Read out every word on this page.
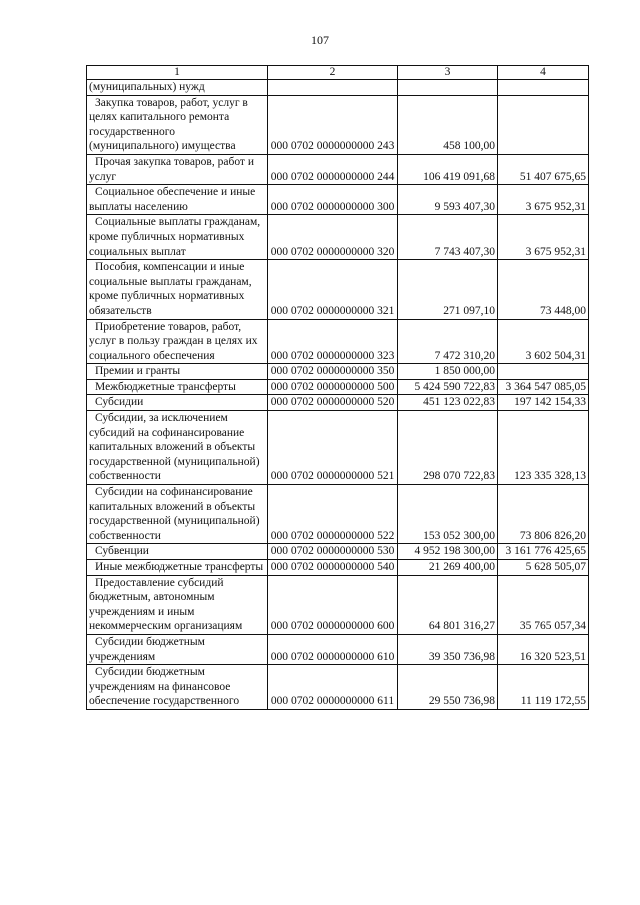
107
1	2	3	4

(муниципальных) нужд			

Закупка товаров, работ, услуг в целях капитального ремонта государственного (муниципального) имущества	000 0702 0000000000 243	458 100,00	

Прочая закупка товаров, работ и услуг	000 0702 0000000000 244	106 419 091,68	51 407 675,65

Социальное обеспечение и иные выплаты населению	000 0702 0000000000 300	9 593 407,30	3 675 952,31

Социальные выплаты гражданам, кроме публичных нормативных социальных выплат	000 0702 0000000000 320	7 743 407,30	3 675 952,31

Пособия, компенсации и иные социальные выплаты гражданам, кроме публичных нормативных обязательств	000 0702 0000000000 321	271 097,10	73 448,00

Приобретение товаров, работ, услуг в пользу граждан в целях их социального обеспечения	000 0702 0000000000 323	7 472 310,20	3 602 504,31

Премии и гранты	000 0702 0000000000 350	1 850 000,00	

Межбюджетные трансферты	000 0702 0000000000 500	5 424 590 722,83	3 364 547 085,05

Субсидии	000 0702 0000000000 520	451 123 022,83	197 142 154,33

Субсидии, за исключением субсидий на софинансирование капитальных вложений в объекты государственной (муниципальной) собственности	000 0702 0000000000 521	298 070 722,83	123 335 328,13

Субсидии на софинансирование капитальных вложений в объекты государственной (муниципальной) собственности	000 0702 0000000000 522	153 052 300,00	73 806 826,20

Субвенции	000 0702 0000000000 530	4 952 198 300,00	3 161 776 425,65

Иные межбюджетные трансферты	000 0702 0000000000 540	21 269 400,00	5 628 505,07

Предоставление субсидий бюджетным, автономным учреждениям и иным некоммерческим организациям	000 0702 0000000000 600	64 801 316,27	35 765 057,34

Субсидии бюджетным учреждениям	000 0702 0000000000 610	39 350 736,98	16 320 523,51

Субсидии бюджетным учреждениям на финансовое обеспечение государственного	000 0702 0000000000 611	29 550 736,98	11 119 172,55
